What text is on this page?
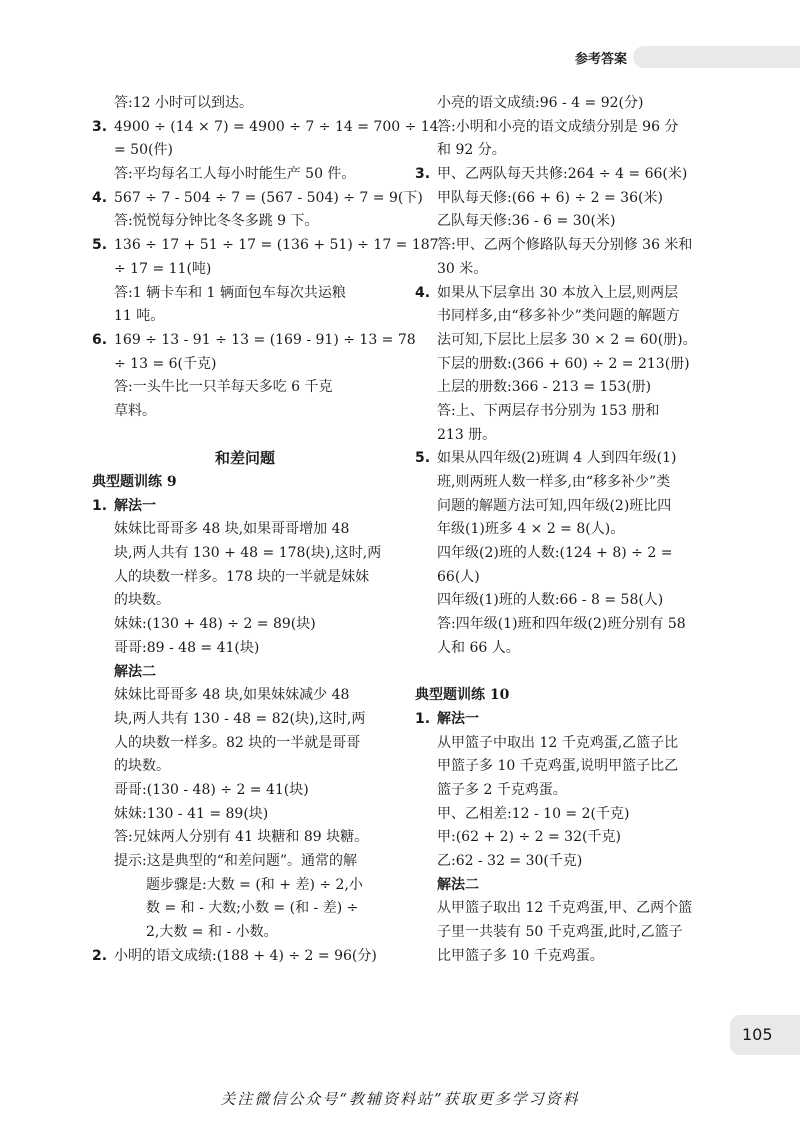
参考答案
答:12 小时可以到达。
3. 4900 ÷ (14 × 7) = 4900 ÷ 7 ÷ 14 = 700 ÷ 14
= 50(件)
答:平均每名工人每小时能生产 50 件。
4. 567 ÷ 7 - 504 ÷ 7 = (567 - 504) ÷ 7 = 9(下)
答:悦悦每分钟比冬冬多跳 9 下。
5. 136 ÷ 17 + 51 ÷ 17 = (136 + 51) ÷ 17 = 187
÷ 17 = 11(吨)
答:1 辆卡车和 1 辆面包车每次共运粮
11 吨。
6. 169 ÷ 13 - 91 ÷ 13 = (169 - 91) ÷ 13 = 78
÷ 13 = 6(千克)
答:一头牛比一只羊每天多吃 6 千克
草料。
和差问题
典型题训练 9
1. 解法一
妹妹比哥哥多 48 块,如果哥哥增加 48
块,两人共有 130 + 48 = 178(块),这时,两
人的块数一样多。178 块的一半就是妹妹
的块数。
妹妹:(130 + 48) ÷ 2 = 89(块)
哥哥:89 - 48 = 41(块)
解法二
妹妹比哥哥多 48 块,如果妹妹减少 48
块,两人共有 130 - 48 = 82(块),这时,两
人的块数一样多。82 块的一半就是哥哥
的块数。
哥哥:(130 - 48) ÷ 2 = 41(块)
妹妹:130 - 41 = 89(块)
答:兄妹两人分别有 41 块糖和 89 块糖。
提示:这是典型的“和差问题”。通常的解
题步骤是:大数 = (和 + 差) ÷ 2,小
数 = 和 - 大数;小数 = (和 - 差) ÷
2,大数 = 和 - 小数。
2. 小明的语文成绩:(188 + 4) ÷ 2 = 96(分)
小亮的语文成绩:96 - 4 = 92(分)
答:小明和小亮的语文成绩分别是 96 分
和 92 分。
3. 甲、乙两队每天共修:264 ÷ 4 = 66(米)
甲队每天修:(66 + 6) ÷ 2 = 36(米)
乙队每天修:36 - 6 = 30(米)
答:甲、乙两个修路队每天分别修 36 米和
30 米。
4. 如果从下层拿出 30 本放入上层,则两层
书同样多,由“移多补少”类问题的解题方
法可知,下层比上层多 30 × 2 = 60(册)。
下层的册数:(366 + 60) ÷ 2 = 213(册)
上层的册数:366 - 213 = 153(册)
答:上、下两层存书分别为 153 册和
213 册。
5. 如果从四年级(2)班调 4 人到四年级(1)
班,则两班人数一样多,由“移多补少”类
问题的解题方法可知,四年级(2)班比四
年级(1)班多 4 × 2 = 8(人)。
四年级(2)班的人数:(124 + 8) ÷ 2 =
66(人)
四年级(1)班的人数:66 - 8 = 58(人)
答:四年级(1)班和四年级(2)班分别有 58
人和 66 人。
典型题训练 10
1. 解法一
从甲篮子中取出 12 千克鸡蛋,乙篮子比
甲篮子多 10 千克鸡蛋,说明甲篮子比乙
篮子多 2 千克鸡蛋。
甲、乙相差:12 - 10 = 2(千克)
甲:(62 + 2) ÷ 2 = 32(千克)
乙:62 - 32 = 30(千克)
解法二
从甲篮子取出 12 千克鸡蛋,甲、乙两个篮
子里一共装有 50 千克鸡蛋,此时,乙篮子
比甲篮子多 10 千克鸡蛋。
105
关注微信公众号“教辅资料站”获取更多学习资料
